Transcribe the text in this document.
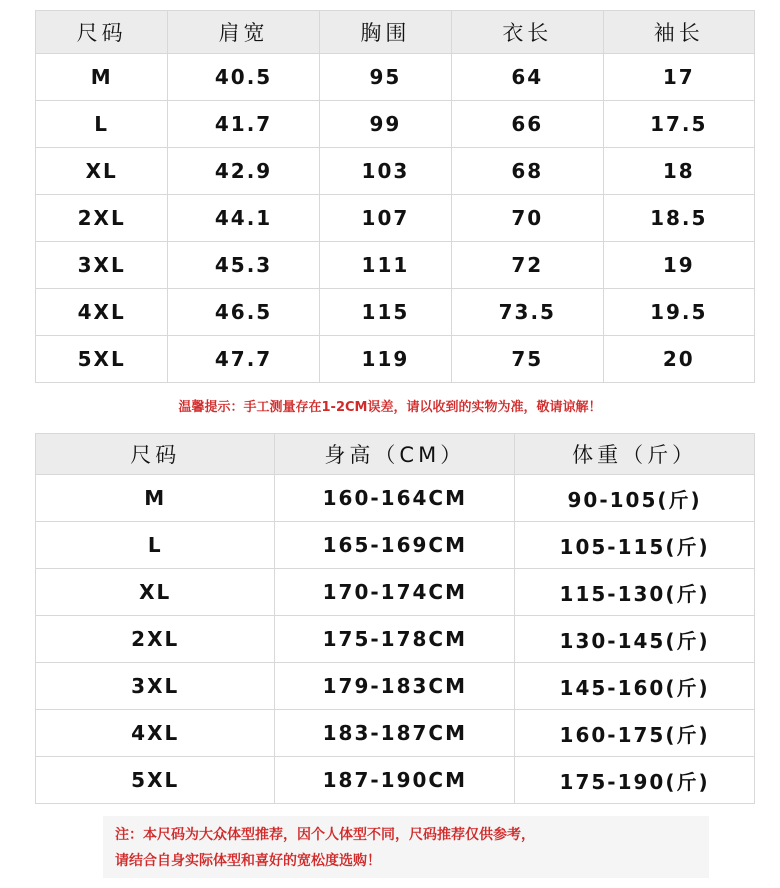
尺码	肩宽	胸围	衣长	袖长
M	40.5	95	64	17
L	41.7	99	66	17.5
XL	42.9	103	68	18
2XL	44.1	107	70	18.5
3XL	45.3	111	72	19
4XL	46.5	115	73.5	19.5
5XL	47.7	119	75	20
温馨提示：手工测量存在1-2CM误差，请以收到的实物为准，敬请谅解！
尺码	身高（CM）	体重（斤）
M	160-164CM	90-105(斤)
L	165-169CM	105-115(斤)
XL	170-174CM	115-130(斤)
2XL	175-178CM	130-145(斤)
3XL	179-183CM	145-160(斤)
4XL	183-187CM	160-175(斤)
5XL	187-190CM	175-190(斤)
注：本尺码为大众体型推荐，因个人体型不同，尺码推荐仅供参考，
请结合自身实际体型和喜好的宽松度选购！
